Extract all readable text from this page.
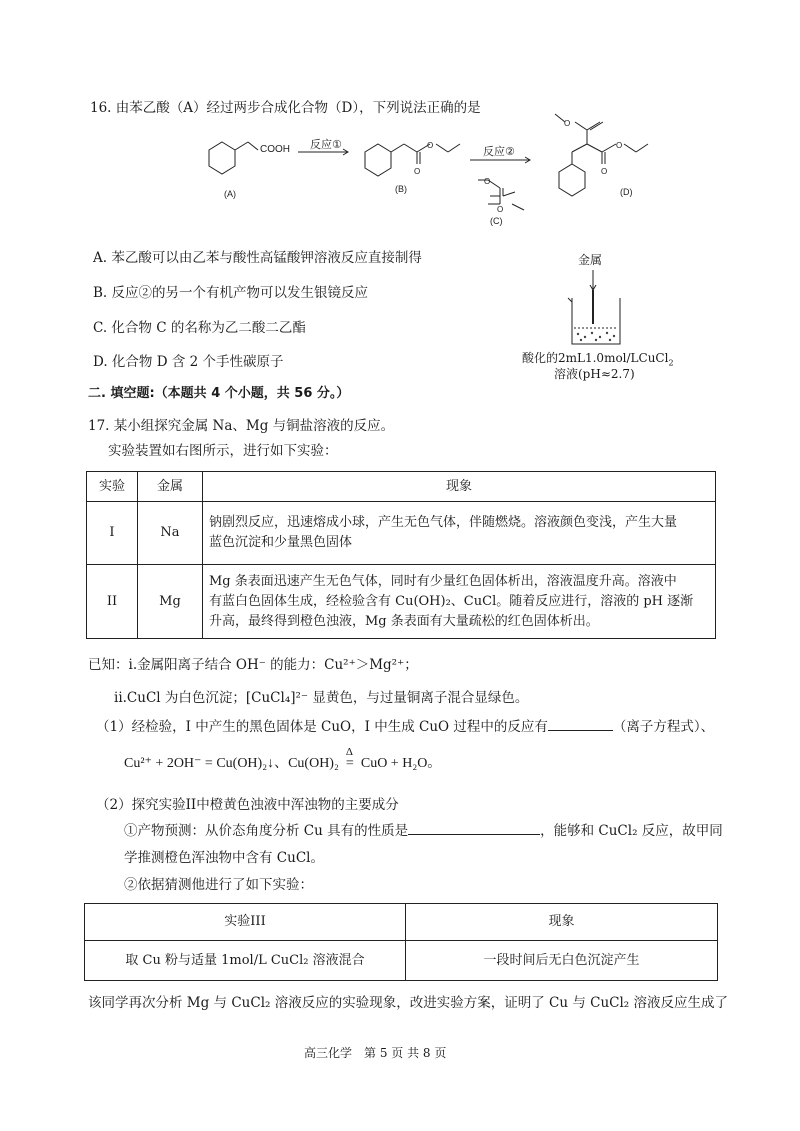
16. 由苯乙酸（A）经过两步合成化合物（D），下列说法正确的是
COOH 反应①
反应②
(A)	(B)
(C)
(D)
O
O
O
O
O
O
O
A. 苯乙酸可以由乙苯与酸性高锰酸钾溶液反应直接制得
B. 反应②的另一个有机产物可以发生银镜反应
C. 化合物 C 的名称为乙二酸二乙酯
D. 化合物 D 含 2 个手性碳原子
金属
酸化的2mL1.0mol/LCuCl$_2$
溶液(pH≈2.7)
二. 填空题:（本题共 4 个小题，共 56 分。）
17. 某小组探究金属 Na、Mg 与铜盐溶液的反应。
实验装置如右图所示，进行如下实验：
实验	金属	现象
I	Na	钠剧烈反应，迅速熔成小球，产生无色气体，伴随燃烧。溶液颜色变浅，产生大量
蓝色沉淀和少量黑色固体

II	Mg	Mg 条表面迅速产生无色气体，同时有少量红色固体析出，溶液温度升高。溶液中
有蓝白色固体生成，经检验含有 Cu(OH)₂、CuCl。随着反应进行，溶液的 pH 逐渐
升高，最终得到橙色浊液，Mg 条表面有大量疏松的红色固体析出。
已知：i.金属阳离子结合 OH⁻ 的能力：Cu²⁺＞Mg²⁺；
ii.CuCl 为白色沉淀；[CuCl₄]²⁻ 显黄色，与过量铜离子混合显绿色。
（1）经检验，I 中产生的黑色固体是 CuO，I 中生成 CuO 过程中的反应有	（离子方程式）、
Cu²⁺ + 2OH⁻ = Cu(OH)₂↓、Cu(OH)₂
Δ
= CuO + H₂O。
（2）探究实验II中橙黄色浊液中浑浊物的主要成分
①产物预测：从价态角度分析 Cu 具有的性质是	，能够和 CuCl₂ 反应，故甲同
学推测橙色浑浊物中含有 CuCl。
②依据猜测他进行了如下实验：
实验III	现象
取 Cu 粉与适量 1mol/L CuCl₂ 溶液混合	一段时间后无白色沉淀产生
该同学再次分析 Mg 与 CuCl₂ 溶液反应的实验现象，改进实验方案，证明了 Cu 与 CuCl₂ 溶液反应生成了
高三化学　第 5 页 共 8 页
